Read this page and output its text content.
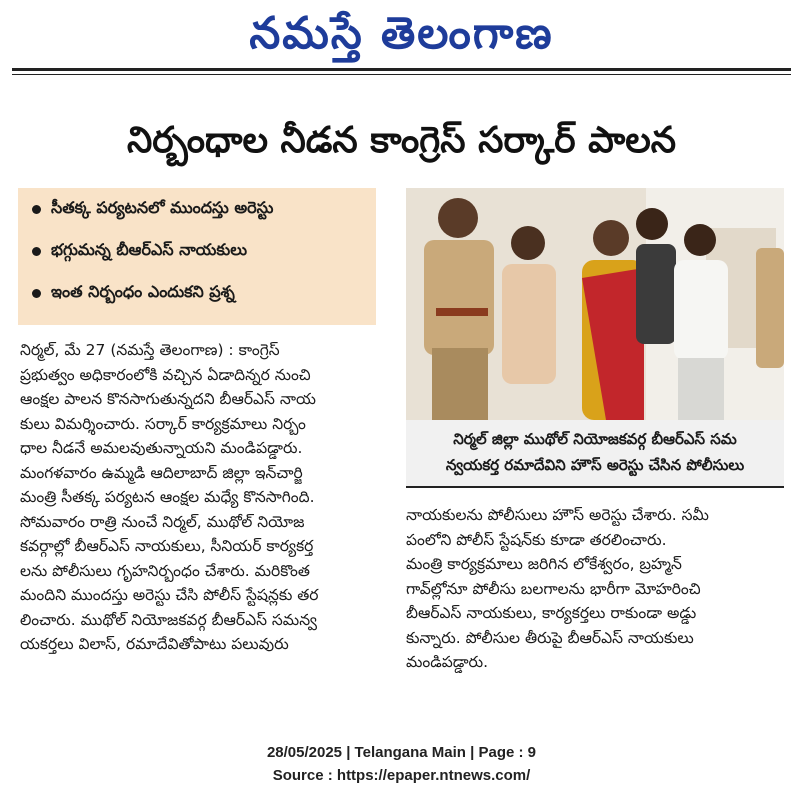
నమస్తే తెలంగాణ
నిర్బంధాల నీడన కాంగ్రెస్ సర్కార్ పాలన
సీతక్క పర్యటనలో ముందస్తు అరెస్టు
భగ్గుమన్న బీఆర్ఎస్ నాయకులు
ఇంత నిర్బంధం ఎందుకని ప్రశ్న
నిర్మల్, మే 27 (నమస్తే తెలంగాణ) : కాంగ్రెస్
ప్రభుత్వం అధికారంలోకి వచ్చిన ఏడాదిన్నర నుంచి
ఆంక్షల పాలన కొనసాగుతున్నదని బీఆర్ఎస్ నాయ
కులు విమర్శించారు. సర్కార్ కార్యక్రమాలు నిర్బం
ధాల నీడనే అమలవుతున్నాయని మండిపడ్డారు.
మంగళవారం ఉమ్మడి ఆదిలాబాద్ జిల్లా ఇన్‌చార్జి
మంత్రి సీతక్క పర్యటన ఆంక్షల మధ్యే కొనసాగింది.
సోమవారం రాత్రి నుంచే నిర్మల్, ముథోల్ నియోజ
కవర్గాల్లో బీఆర్ఎస్ నాయకులు, సీనియర్ కార్యకర్త
లను పోలీసులు గృహనిర్బంధం చేశారు. మరికొంత
మందిని ముందస్తు అరెస్టు చేసి పోలీస్ స్టేషన్లకు తర
లించారు. ముథోల్ నియోజకవర్గ బీఆర్ఎస్ సమన్వ
యకర్తలు విలాస్, రమాదేవితోపాటు పలువురు
నిర్మల్ జిల్లా ముథోల్ నియోజకవర్గ బీఆర్ఎస్ సమ
న్వయకర్త రమాదేవిని హౌస్ అరెస్టు చేసిన పోలీసులు
నాయకులను పోలీసులు హౌస్ అరెస్టు చేశారు. సమీ
పంలోని పోలీస్ స్టేషన్‌కు కూడా తరలించారు.
మంత్రి కార్యక్రమాలు జరిగిన లోకేశ్వరం, బ్రహ్మన్
గావ్‌ల్లోనూ పోలీసు బలగాలను భారీగా మోహరించి
బీఆర్ఎస్ నాయకులు, కార్యకర్తలు రాకుండా అడ్డు
కున్నారు. పోలీసుల తీరుపై బీఆర్ఎస్ నాయకులు
మండిపడ్డారు.
28/05/2025 | Telangana Main | Page : 9
Source : https://epaper.ntnews.com/
